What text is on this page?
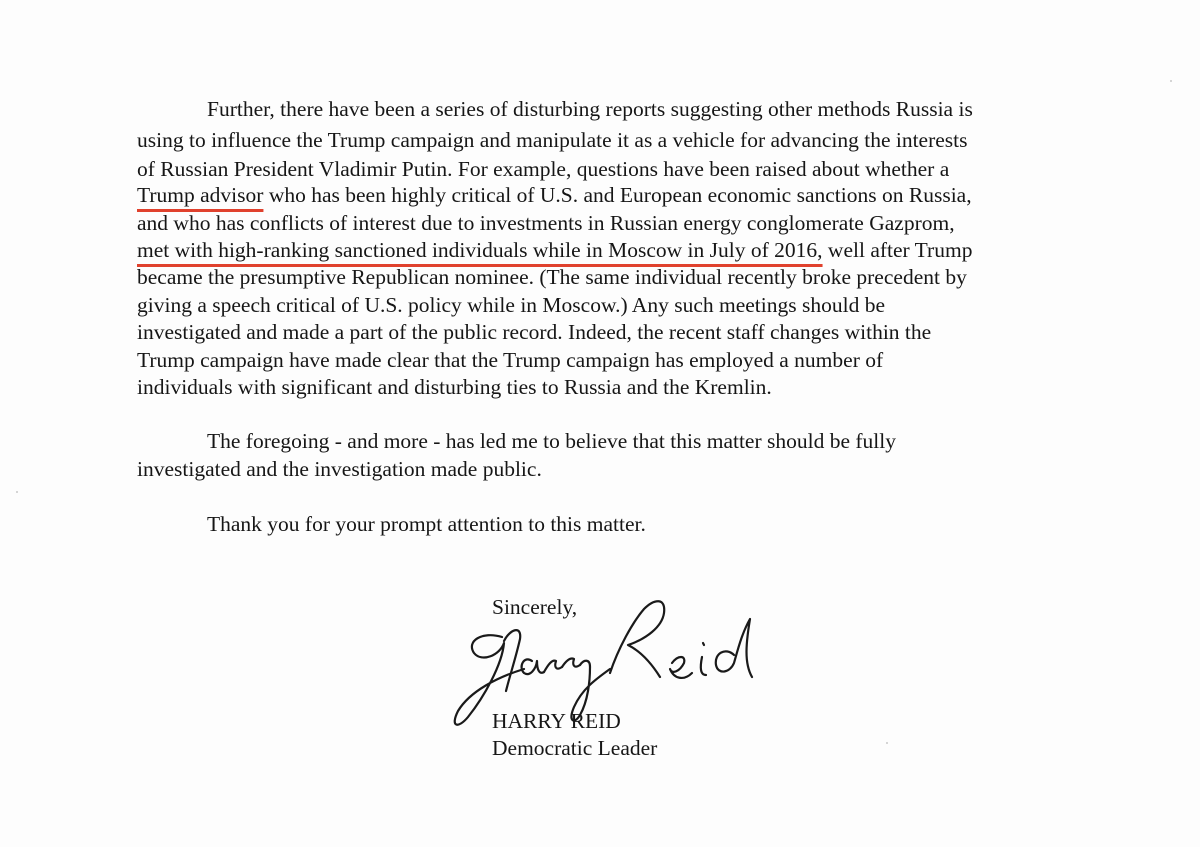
Further, there have been a series of disturbing reports suggesting other methods Russia is
using to influence the Trump campaign and manipulate it as a vehicle for advancing the interests
of Russian President Vladimir Putin. For example, questions have been raised about whether a
Trump advisor who has been highly critical of U.S. and European economic sanctions on Russia,
and who has conflicts of interest due to investments in Russian energy conglomerate Gazprom,
met with high-ranking sanctioned individuals while in Moscow in July of 2016, well after Trump
became the presumptive Republican nominee. (The same individual recently broke precedent by
giving a speech critical of U.S. policy while in Moscow.) Any such meetings should be
investigated and made a part of the public record. Indeed, the recent staff changes within the
Trump campaign have made clear that the Trump campaign has employed a number of
individuals with significant and disturbing ties to Russia and the Kremlin.
The foregoing - and more - has led me to believe that this matter should be fully
investigated and the investigation made public.
Thank you for your prompt attention to this matter.
Sincerely,
HARRY REID
Democratic Leader
